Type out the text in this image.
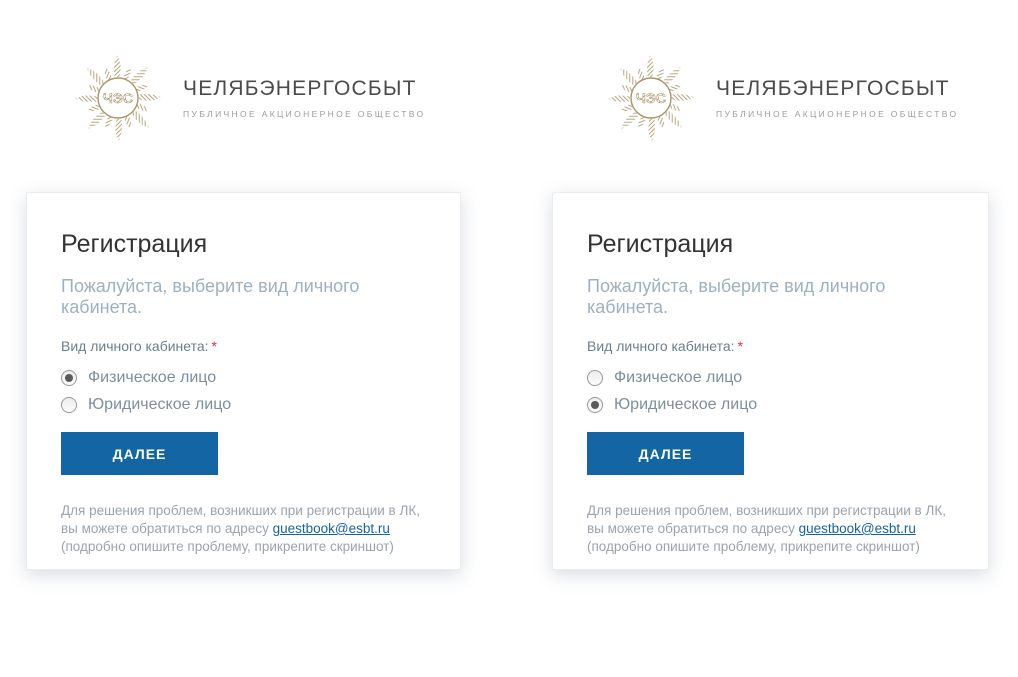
ЧЭС ЧЕЛЯБЭНЕРГОСБЫТ
ПУБЛИЧНОЕ АКЦИОНЕРНОЕ ОБЩЕСТВО
Регистрация
Пожалуйста, выберите вид личного кабинета.
Вид личного кабинета: *
Физическое лицо
Юридическое лицо
ДАЛЕЕ
Для решения проблем, возникших при регистрации в ЛК,
вы можете обратиться по адресу guestbook@esbt.ru
(подробно опишите проблему, прикрепите скриншот)
ЧЭС ЧЕЛЯБЭНЕРГОСБЫТ
ПУБЛИЧНОЕ АКЦИОНЕРНОЕ ОБЩЕСТВО
Регистрация
Пожалуйста, выберите вид личного кабинета.
Вид личного кабинета: *
Физическое лицо
Юридическое лицо
ДАЛЕЕ
Для решения проблем, возникших при регистрации в ЛК,
вы можете обратиться по адресу guestbook@esbt.ru
(подробно опишите проблему, прикрепите скриншот)
